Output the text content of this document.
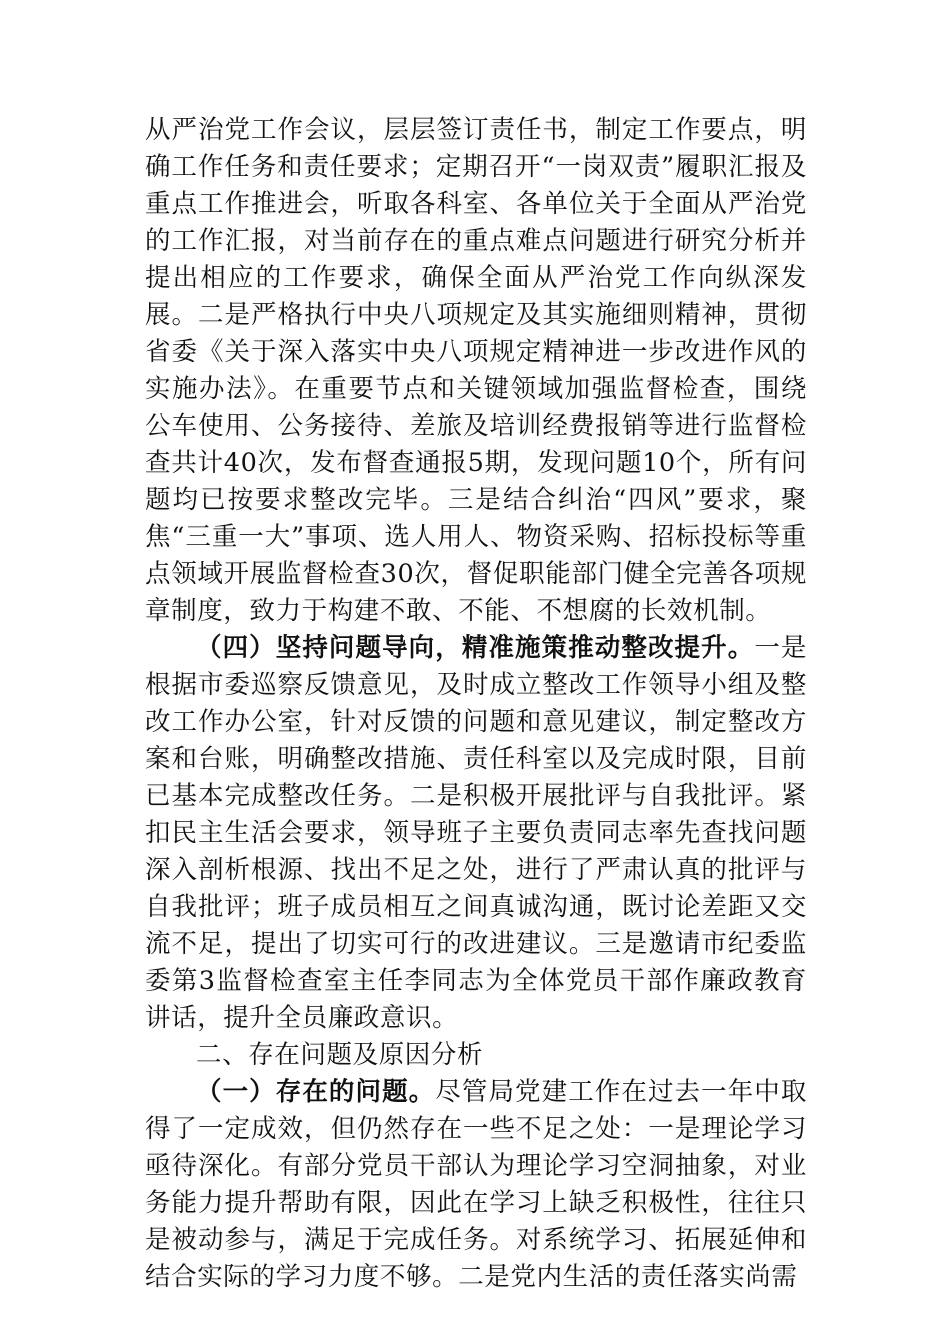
从严治党工作会议，层层签订责任书，制定工作要点，明确工作任务和责任要求；定期召开“一岗双责”履职汇报及重点工作推进会，听取各科室、各单位关于全面从严治党的工作汇报，对当前存在的重点难点问题进行研究分析并提出相应的工作要求，确保全面从严治党工作向纵深发展。二是严格执行中央八项规定及其实施细则精神，贯彻省委《关于深入落实中央八项规定精神进一步改进作风的实施办法》。在重要节点和关键领域加强监督检查，围绕公车使用、公务接待、差旅及培训经费报销等进行监督检查共计40次，发布督查通报5期，发现问题10个，所有问题均已按要求整改完毕。三是结合纠治“四风”要求，聚焦“三重一大”事项、选人用人、物资采购、招标投标等重点领域开展监督检查30次，督促职能部门健全完善各项规章制度，致力于构建不敢、不能、不想腐的长效机制。

（四）坚持问题导向，精准施策推动整改提升。一是根据市委巡察反馈意见，及时成立整改工作领导小组及整改工作办公室，针对反馈的问题和意见建议，制定整改方案和台账，明确整改措施、责任科室以及完成时限，目前已基本完成整改任务。二是积极开展批评与自我批评。紧扣民主生活会要求，领导班子主要负责同志率先查找问题深入剖析根源、找出不足之处，进行了严肃认真的批评与自我批评；班子成员相互之间真诚沟通，既讨论差距又交流不足，提出了切实可行的改进建议。三是邀请市纪委监委第3监督检查室主任李同志为全体党员干部作廉政教育讲话，提升全员廉政意识。

二、存在问题及原因分析

（一）存在的问题。尽管局党建工作在过去一年中取得了一定成效，但仍然存在一些不足之处：一是理论学习亟待深化。有部分党员干部认为理论学习空洞抽象，对业务能力提升帮助有限，因此在学习上缺乏积极性，往往只是被动参与，满足于完成任务。对系统学习、拓展延伸和结合实际的学习力度不够。二是党内生活的责任落实尚需
